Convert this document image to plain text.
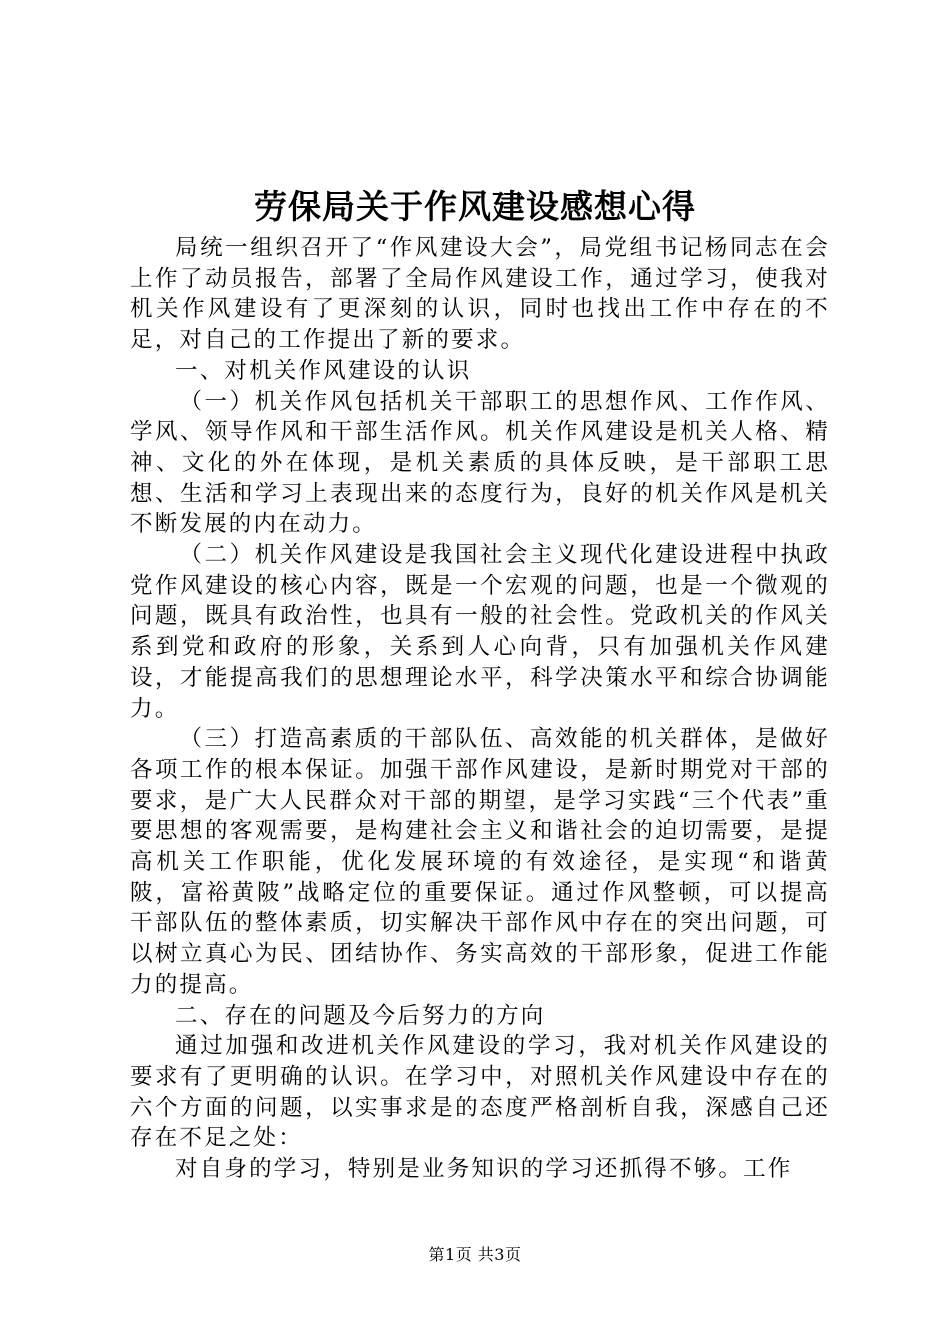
劳保局关于作风建设感想心得

局统一组织召开了“作风建设大会”，局党组书记杨同志在会上作了动员报告，部署了全局作风建设工作，通过学习，使我对机关作风建设有了更深刻的认识，同时也找出工作中存在的不足，对自己的工作提出了新的要求。

一、对机关作风建设的认识

（一）机关作风包括机关干部职工的思想作风、工作作风、学风、领导作风和干部生活作风。机关作风建设是机关人格、精神、文化的外在体现，是机关素质的具体反映，是干部职工思想、生活和学习上表现出来的态度行为，良好的机关作风是机关不断发展的内在动力。

（二）机关作风建设是我国社会主义现代化建设进程中执政党作风建设的核心内容，既是一个宏观的问题，也是一个微观的问题，既具有政治性，也具有一般的社会性。党政机关的作风关系到党和政府的形象，关系到人心向背，只有加强机关作风建设，才能提高我们的思想理论水平，科学决策水平和综合协调能力。

（三）打造高素质的干部队伍、高效能的机关群体，是做好各项工作的根本保证。加强干部作风建设，是新时期党对干部的要求，是广大人民群众对干部的期望，是学习实践“三个代表”重要思想的客观需要，是构建社会主义和谐社会的迫切需要，是提高机关工作职能，优化发展环境的有效途径，是实现“和谐黄陂，富裕黄陂”战略定位的重要保证。通过作风整顿，可以提高干部队伍的整体素质，切实解决干部作风中存在的突出问题，可以树立真心为民、团结协作、务实高效的干部形象，促进工作能力的提高。

二、存在的问题及今后努力的方向

通过加强和改进机关作风建设的学习，我对机关作风建设的要求有了更明确的认识。在学习中，对照机关作风建设中存在的六个方面的问题，以实事求是的态度严格剖析自我，深感自己还存在不足之处：

对自身的学习，特别是业务知识的学习还抓得不够。工作

第1页 共3页
